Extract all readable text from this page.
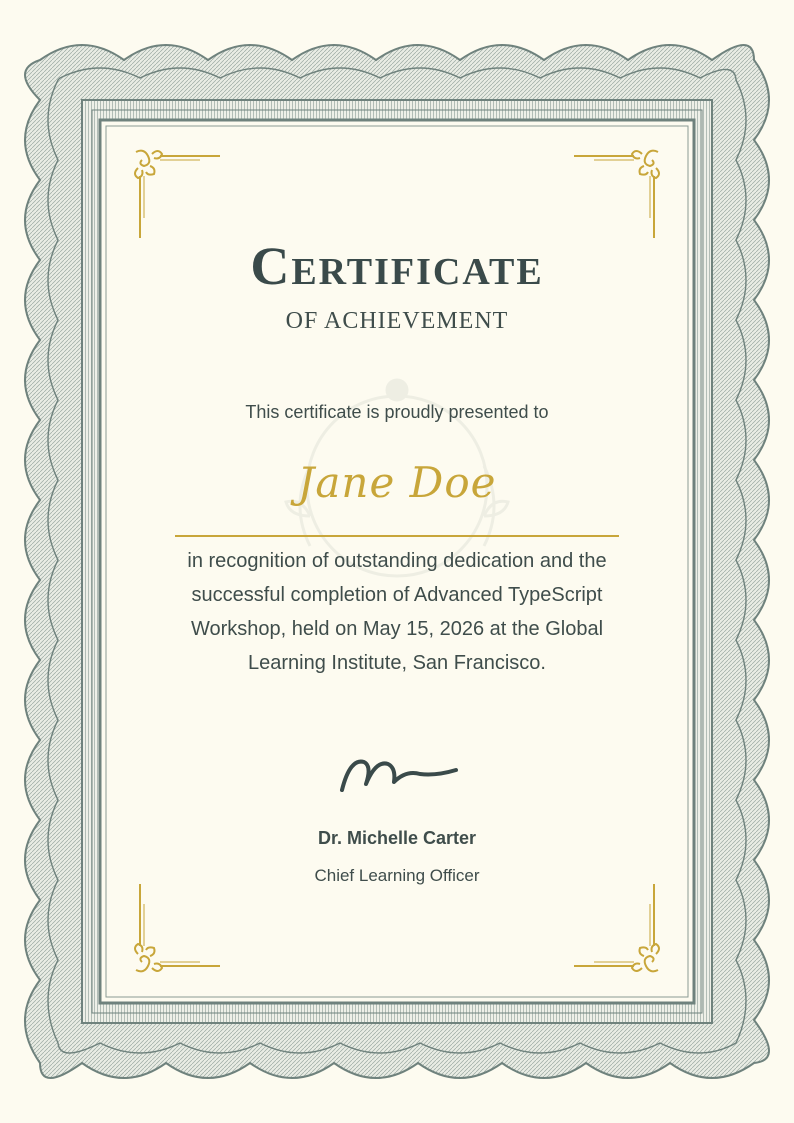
Certificate
OF ACHIEVEMENT
This certificate is proudly presented to
Jane Doe
in recognition of outstanding dedication and the successful completion of Advanced TypeScript Workshop, held on May 15, 2026 at the Global Learning Institute, San Francisco.
Dr. Michelle Carter
Chief Learning Officer
